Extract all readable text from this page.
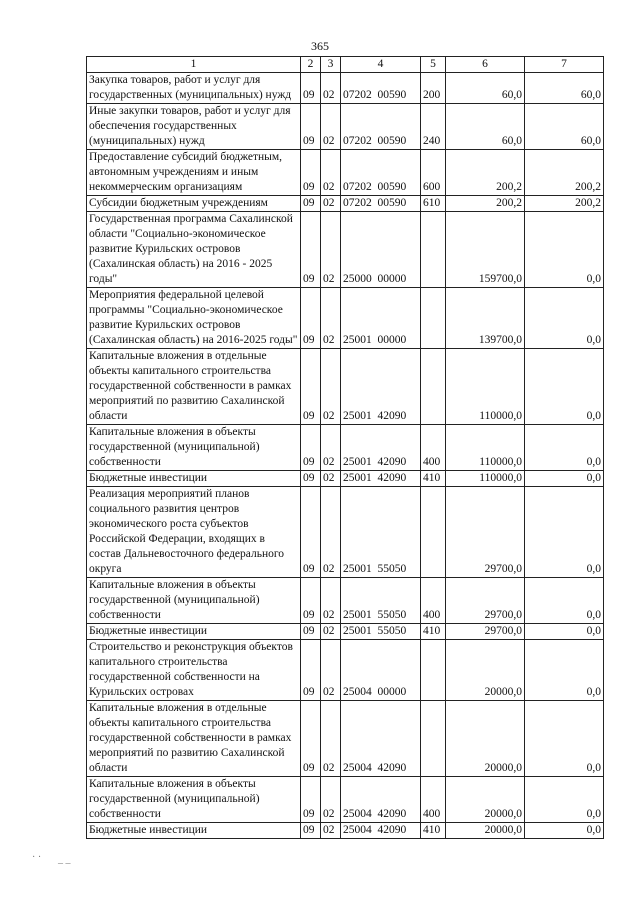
365
1	2	3	4	5	6	7
Закупка товаров, работ и услуг для государственных (муниципальных) нужд	09	02	07202  00590	200	60,0	60,0
Иные закупки товаров, работ и услуг для обеспечения государственных (муниципальных) нужд	09	02	07202  00590	240	60,0	60,0
Предоставление субсидий бюджетным, автономным учреждениям и иным некоммерческим организациям	09	02	07202  00590	600	200,2	200,2
Субсидии бюджетным учреждениям	09	02	07202  00590	610	200,2	200,2
Государственная программа Сахалинской области "Социально-экономическое развитие Курильских островов (Сахалинская область) на 2016 - 2025 годы"	09	02	25000  00000		159700,0	0,0
Мероприятия федеральной целевой программы "Социально-экономическое развитие Курильских островов (Сахалинская область) на 2016-2025 годы"	09	02	25001  00000		139700,0	0,0
Капитальные вложения в отдельные объекты капитального строительства государственной собственности в рамках мероприятий по развитию Сахалинской области	09	02	25001  42090		110000,0	0,0
Капитальные вложения в объекты государственной (муниципальной) собственности	09	02	25001  42090	400	110000,0	0,0
Бюджетные инвестиции	09	02	25001  42090	410	110000,0	0,0
Реализация мероприятий планов социального развития центров экономического роста субъектов Российской Федерации, входящих в состав Дальневосточного федерального округа	09	02	25001  55050		29700,0	0,0
Капитальные вложения в объекты государственной (муниципальной) собственности	09	02	25001  55050	400	29700,0	0,0
Бюджетные инвестиции	09	02	25001  55050	410	29700,0	0,0
Строительство и реконструкция объектов капитального строительства государственной собственности на Курильских островах	09	02	25004  00000		20000,0	0,0
Капитальные вложения в отдельные объекты капитального строительства государственной собственности в рамках мероприятий по развитию Сахалинской области	09	02	25004  42090		20000,0	0,0
Капитальные вложения в объекты государственной (муниципальной) собственности	09	02	25004  42090	400	20000,0	0,0
Бюджетные инвестиции	09	02	25004  42090	410	20000,0	0,0
· ·
– –
